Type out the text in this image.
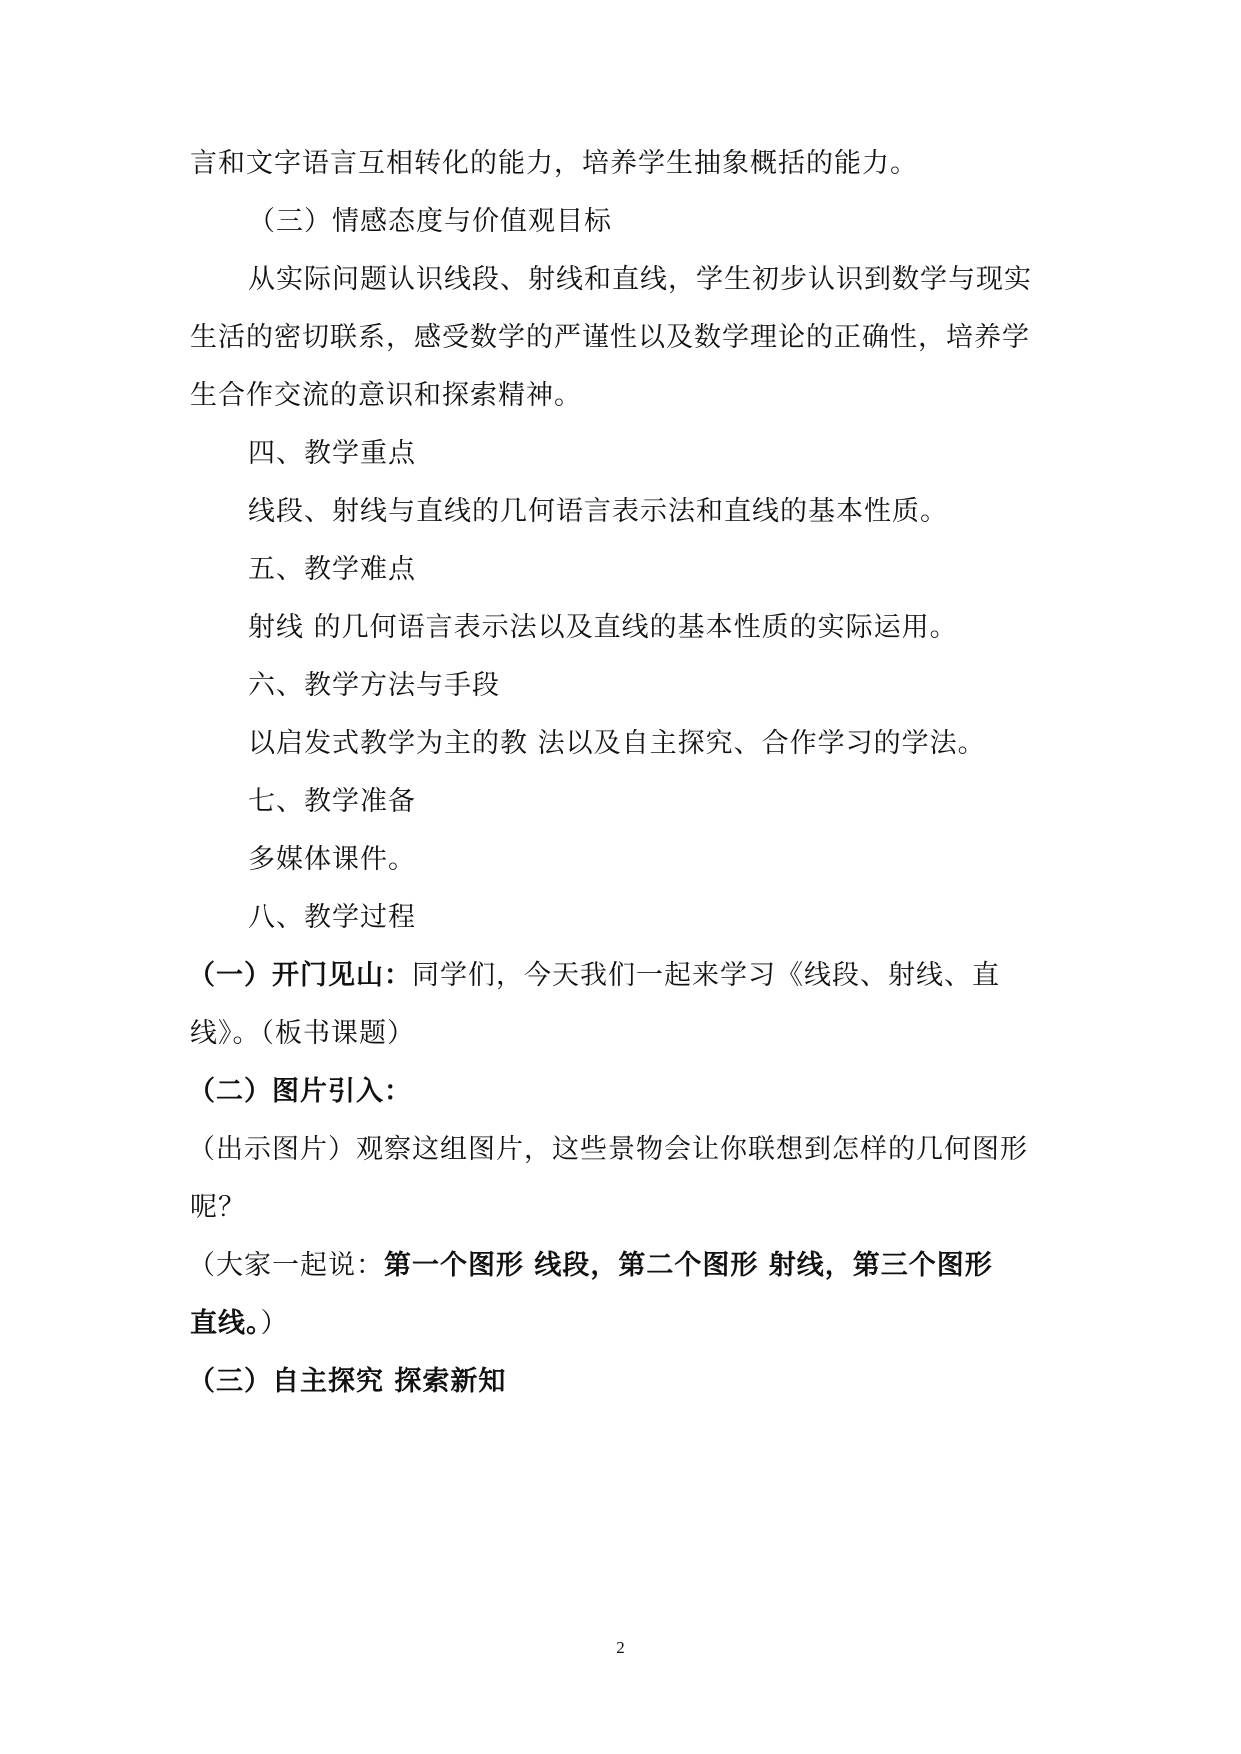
言和文字语言互相转化的能力，培养学生抽象概括的能力。
（三）情感态度与价值观目标
从实际问题认识线段、射线和直线，学生初步认识到数学与现实
生活的密切联系，感受数学的严谨性以及数学理论的正确性，培养学
生合作交流的意识和探索精神。
四、教学重点
线段、射线与直线的几何语言表示法和直线的基本性质。
五、教学难点
射线 的几何语言表示法以及直线的基本性质的实际运用。
六、教学方法与手段
以启发式教学为主的教 法以及自主探究、合作学习的学法。
七、教学准备
多媒体课件。
八、教学过程
（一）开门见山：同学们，今天我们一起来学习《线段、射线、直
线》。（板书课题）
（二）图片引入：
（出示图片）观察这组图片，这些景物会让你联想到怎样的几何图形
呢？
（大家一起说：第一个图形 线段，第二个图形 射线，第三个图形
直线。）
（三）自主探究 探索新知
2
